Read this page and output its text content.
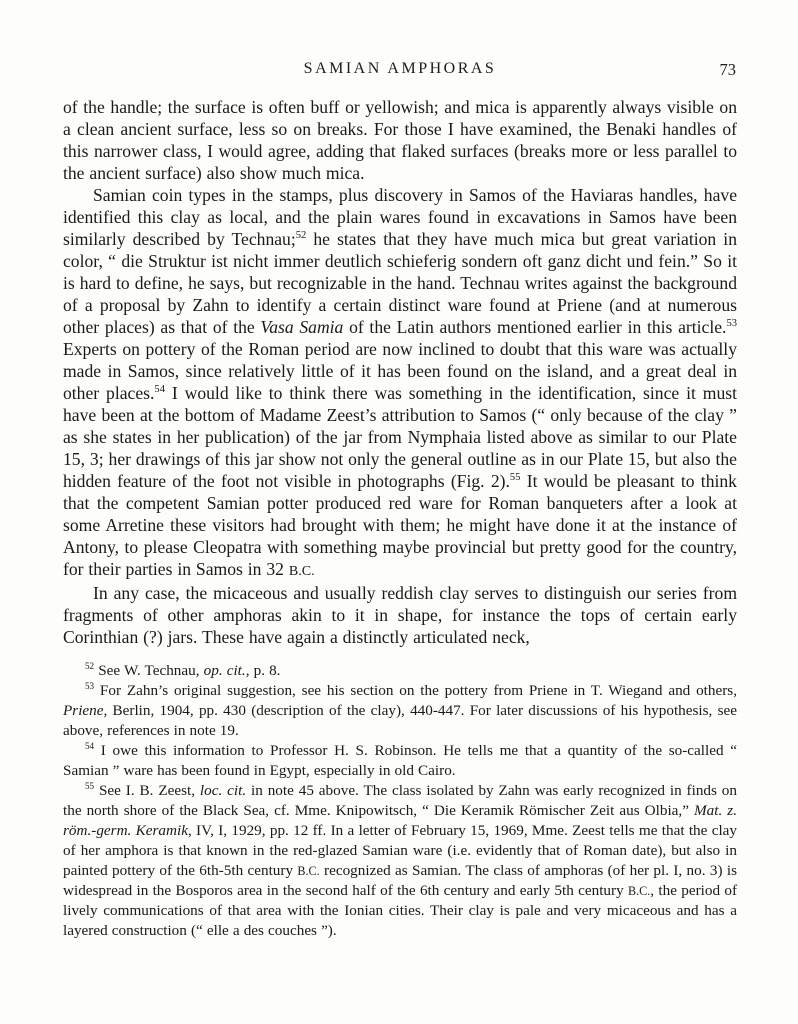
SAMIAN AMPHORAS	73

of the handle; the surface is often buff or yellowish; and mica is apparently always visible on a clean ancient surface, less so on breaks. For those I have examined, the Benaki handles of this narrower class, I would agree, adding that flaked surfaces (breaks more or less parallel to the ancient surface) also show much mica.

Samian coin types in the stamps, plus discovery in Samos of the Haviaras handles, have identified this clay as local, and the plain wares found in excavations in Samos have been similarly described by Technau;$^{52}$ he states that they have much mica but great variation in color, “ die Struktur ist nicht immer deutlich schieferig sondern oft ganz dicht und fein.” So it is hard to define, he says, but recognizable in the hand. Technau writes against the background of a proposal by Zahn to identify a certain distinct ware found at Priene (and at numerous other places) as that of the Vasa Samia of the Latin authors mentioned earlier in this article.$^{53}$ Experts on pottery of the Roman period are now inclined to doubt that this ware was actually made in Samos, since relatively little of it has been found on the island, and a great deal in other places.$^{54}$ I would like to think there was something in the identification, since it must have been at the bottom of Madame Zeest’s attribution to Samos (“ only because of the clay ” as she states in her publication) of the jar from Nymphaia listed above as similar to our Plate 15, 3; her drawings of this jar show not only the general outline as in our Plate 15, but also the hidden feature of the foot not visible in photographs (Fig. 2).$^{55}$ It would be pleasant to think that the competent Samian potter produced red ware for Roman banqueters after a look at some Arretine these visitors had brought with them; he might have done it at the instance of Antony, to please Cleopatra with something maybe provincial but pretty good for the country, for their parties in Samos in 32 B.C.

In any case, the micaceous and usually reddish clay serves to distinguish our series from fragments of other amphoras akin to it in shape, for instance the tops of certain early Corinthian (?) jars. These have again a distinctly articulated neck,

$^{52}$ See W. Technau, op. cit., p. 8.

$^{53}$ For Zahn’s original suggestion, see his section on the pottery from Priene in T. Wiegand and others, Priene, Berlin, 1904, pp. 430 (description of the clay), 440-447. For later discussions of his hypothesis, see above, references in note 19.

$^{54}$ I owe this information to Professor H. S. Robinson. He tells me that a quantity of the so-called “ Samian ” ware has been found in Egypt, especially in old Cairo.

$^{55}$ See I. B. Zeest, loc. cit. in note 45 above. The class isolated by Zahn was early recognized in finds on the north shore of the Black Sea, cf. Mme. Knipowitsch, “ Die Keramik Römischer Zeit aus Olbia,” Mat. z. röm.-germ. Keramik, IV, I, 1929, pp. 12 ff. In a letter of February 15, 1969, Mme. Zeest tells me that the clay of her amphora is that known in the red-glazed Samian ware (i.e. evidently that of Roman date), but also in painted pottery of the 6th-5th century B.C. recognized as Samian. The class of amphoras (of her pl. I, no. 3) is widespread in the Bosporos area in the second half of the 6th century and early 5th century B.C., the period of lively communications of that area with the Ionian cities. Their clay is pale and very micaceous and has a layered construction (“ elle a des couches ”).
